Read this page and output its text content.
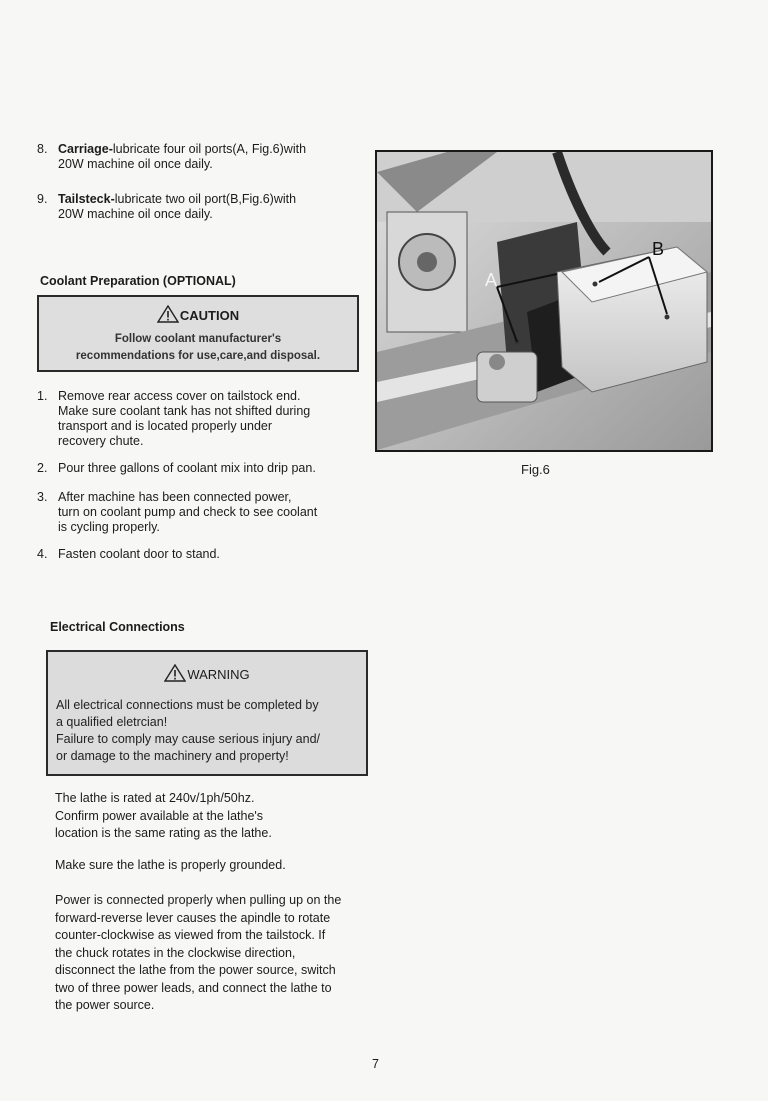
8. Carriage-lubricate four oil ports(A, Fig.6)with
20W machine oil once daily.
9. Tailsteck-lubricate two oil port(B,Fig.6)with
20W machine oil once daily.
Coolant Preparation (OPTIONAL)
CAUTION
Follow coolant manufacturer's
recommendations for use,care,and disposal.
1. Remove rear access cover on tailstock end.
Make sure coolant tank has not shifted during
transport and is located properly under
recovery chute.
2. Pour three gallons of coolant mix into drip pan.
3. After machine has been connected power,
turn on coolant pump and check to see coolant
is cycling properly.
4. Fasten coolant door to stand.
Electrical Connections
WARNING
All electrical connections must be completed by
a qualified eletrcian!
Failure to comply may cause serious injury and/
or damage to the machinery and property!
The lathe is rated at 240v/1ph/50hz.
Confirm power available at the lathe's
location is the same rating as the lathe.
Make sure the lathe is properly grounded.
Power is connected properly when pulling up on the
forward-reverse lever causes the apindle to rotate
counter-clockwise as viewed from the tailstock. If
the chuck rotates in the clockwise direction,
disconnect the lathe from the power source, switch
two of three power leads, and connect the lathe to
the power source.
A
B
Fig.6
7
